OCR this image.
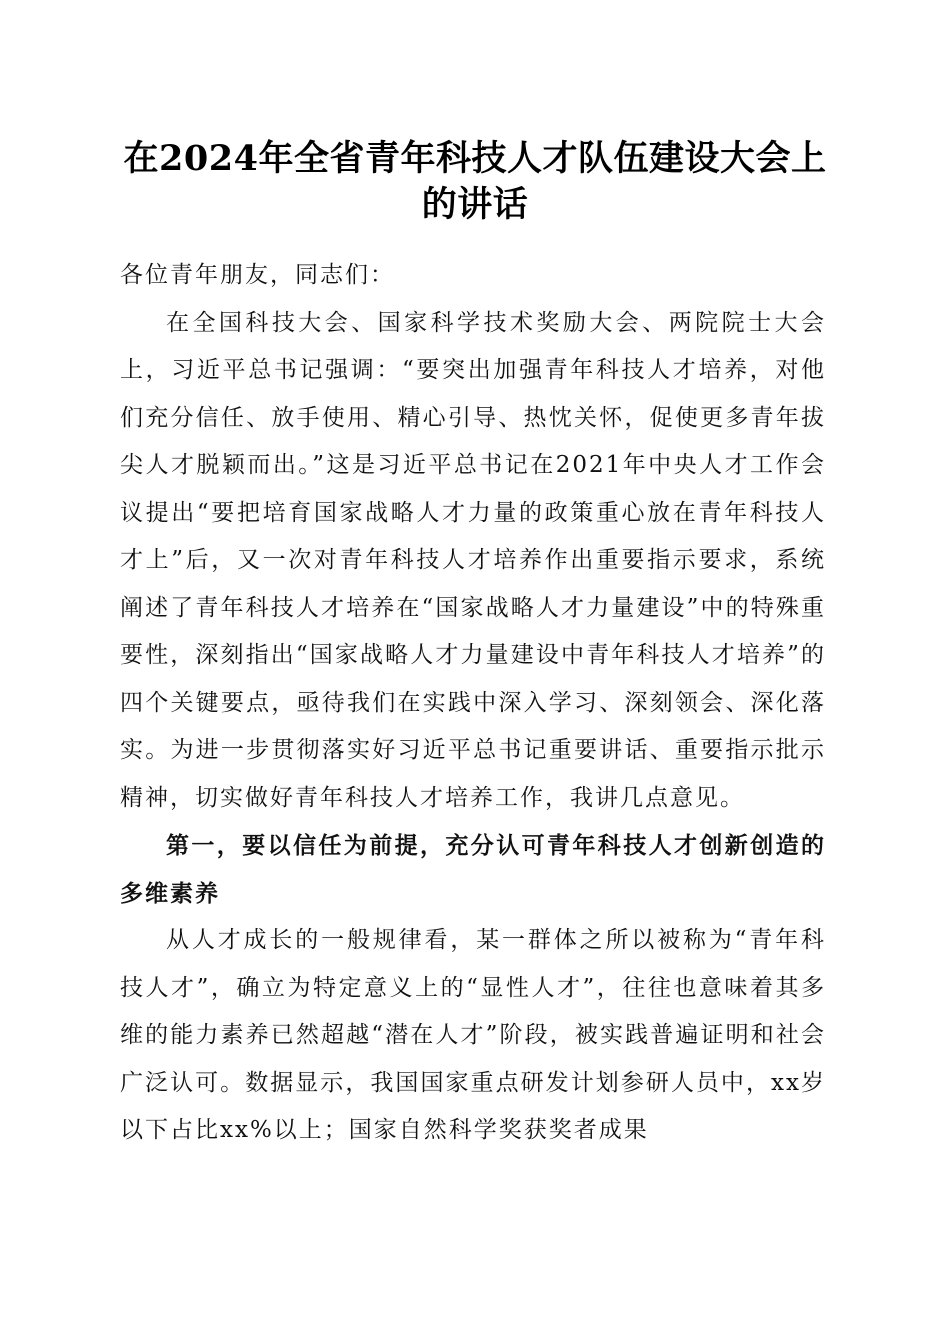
在2024年全省青年科技人才队伍建设大会上的讲话

各位青年朋友，同志们：

在全国科技大会、国家科学技术奖励大会、两院院士大会上，习近平总书记强调：“要突出加强青年科技人才培养，对他们充分信任、放手使用、精心引导、热忱关怀，促使更多青年拔尖人才脱颖而出。”这是习近平总书记在2021年中央人才工作会议提出“要把培育国家战略人才力量的政策重心放在青年科技人才上”后，又一次对青年科技人才培养作出重要指示要求，系统阐述了青年科技人才培养在“国家战略人才力量建设”中的特殊重要性，深刻指出“国家战略人才力量建设中青年科技人才培养”的四个关键要点，亟待我们在实践中深入学习、深刻领会、深化落实。为进一步贯彻落实好习近平总书记重要讲话、重要指示批示精神，切实做好青年科技人才培养工作，我讲几点意见。

第一，要以信任为前提，充分认可青年科技人才创新创造的多维素养

从人才成长的一般规律看，某一群体之所以被称为“青年科技人才”，确立为特定意义上的“显性人才”，往往也意味着其多维的能力素养已然超越“潜在人才”阶段，被实践普遍证明和社会广泛认可。数据显示，我国国家重点研发计划参研人员中，xx岁以下占比xx%以上；国家自然科学奖获奖者成果
